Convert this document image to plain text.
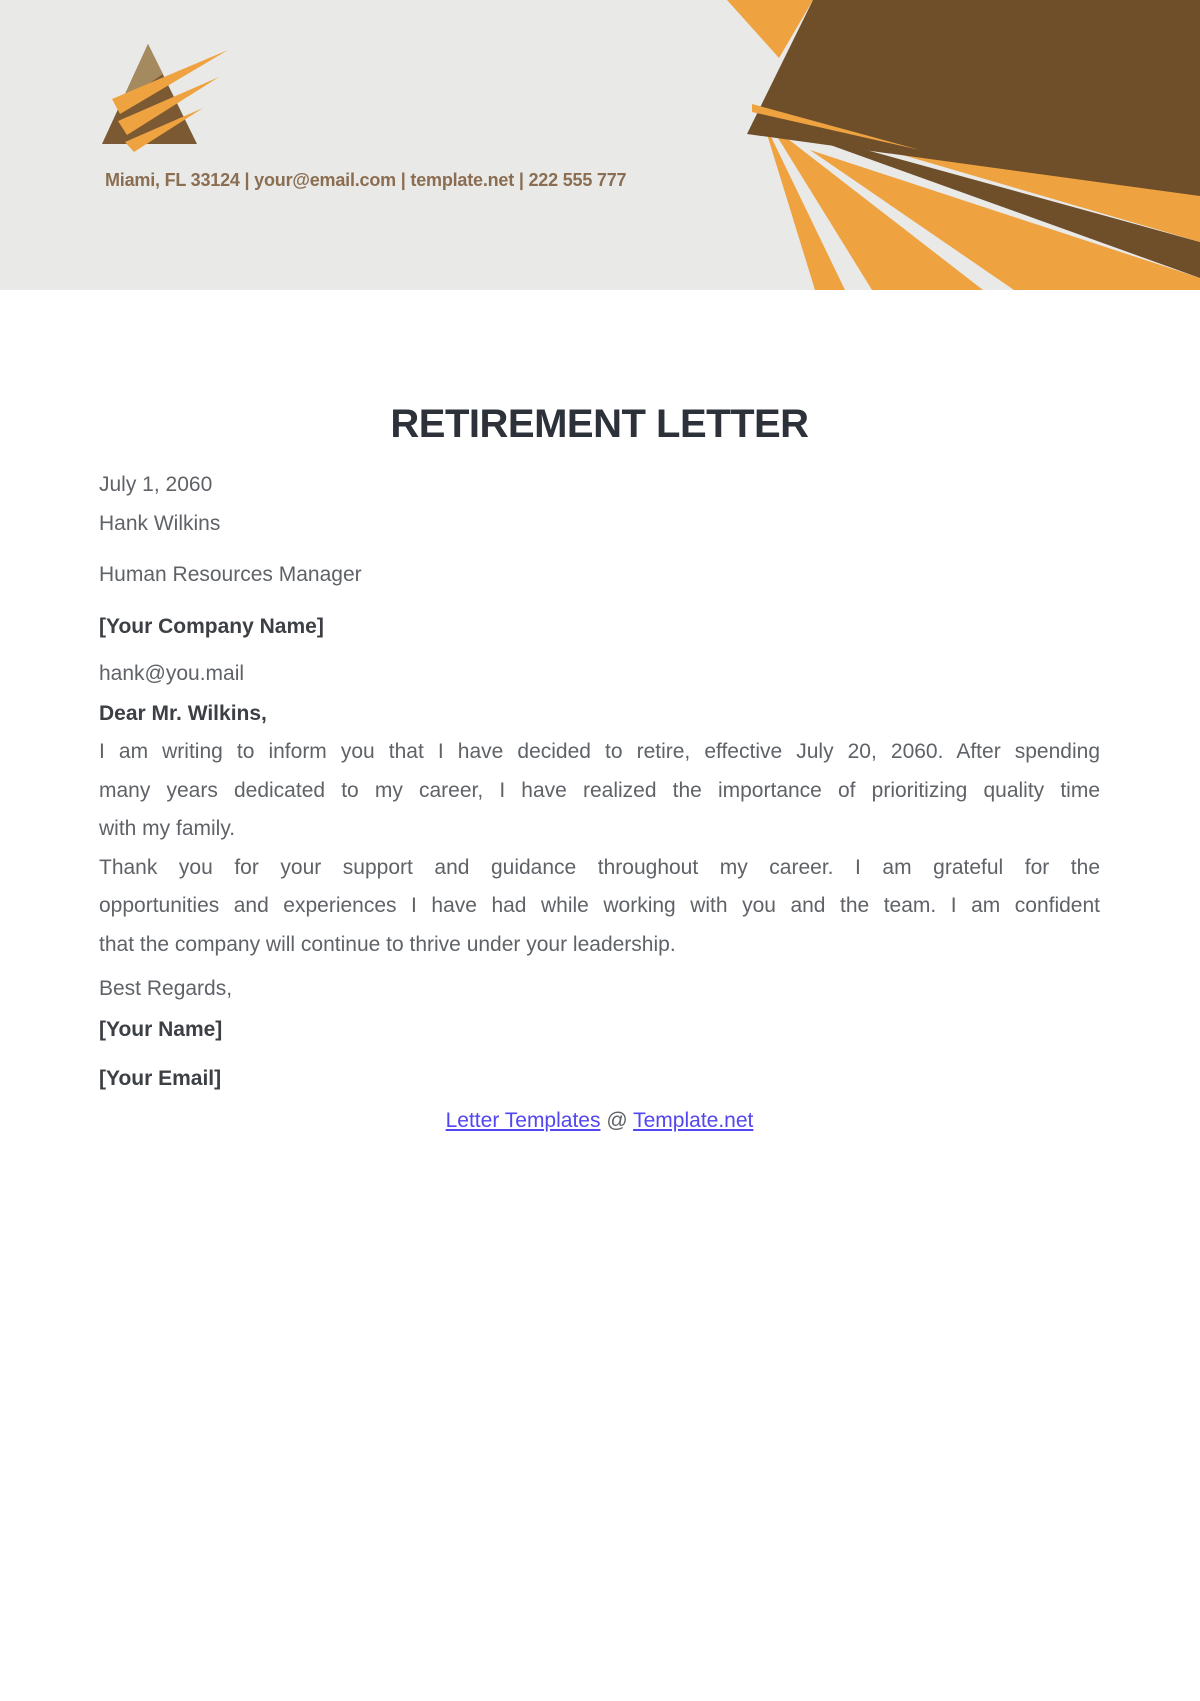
Miami, FL 33124 | your@email.com | template.net | 222 555 777
RETIREMENT LETTER

July 1, 2060
Hank Wilkins

Human Resources Manager

[Your Company Name]

hank@you.mail

Dear Mr. Wilkins,

I am writing to inform you that I have decided to retire, effective July 20, 2060. After spending
many years dedicated to my career, I have realized the importance of prioritizing quality time
with my family.
Thank you for your support and guidance throughout my career. I am grateful for the
opportunities and experiences I have had while working with you and the team. I am confident
that the company will continue to thrive under your leadership.

Best Regards,

[Your Name]

[Your Email]

Letter Templates @ Template.net
